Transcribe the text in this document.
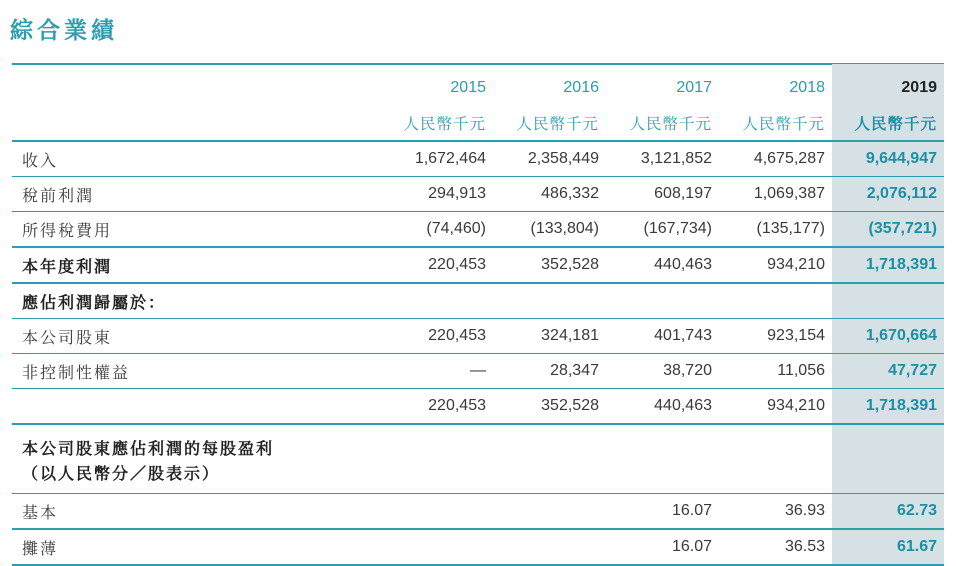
綜合業績
	2015	2016	2017	2018	2019
	人民幣千元	人民幣千元	人民幣千元	人民幣千元	人民幣千元
收入	1,672,464	2,358,449	3,121,852	4,675,287	9,644,947
稅前利潤	294,913	486,332	608,197	1,069,387	2,076,112
所得稅費用	(74,460)	(133,804)	(167,734)	(135,177)	(357,721)
本年度利潤	220,453	352,528	440,463	934,210	1,718,391
應佔利潤歸屬於：					
本公司股東	220,453	324,181	401,743	923,154	1,670,664
非控制性權益	—	28,347	38,720	11,056	47,727
	220,453	352,528	440,463	934,210	1,718,391

本公司股東應佔利潤的每股盈利
（以人民幣分／股表示）					

基本			16.07	36.93	62.73
攤薄			16.07	36.53	61.67
